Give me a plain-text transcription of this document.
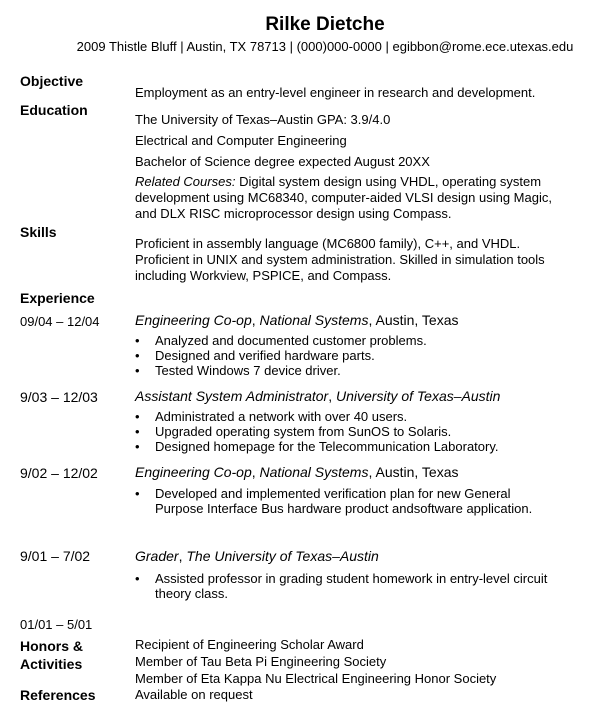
Rilke Dietche
2009 Thistle Bluff | Austin, TX 78713 | (000)000-0000 | egibbon@rome.ece.utexas.edu
Objective
Employment as an entry-level engineer in research and development.
Education
The University of Texas–Austin GPA: 3.9/4.0
Electrical and Computer Engineering
Bachelor of Science degree expected August 20XX
Related Courses: Digital system design using VHDL, operating system development using MC68340, computer-aided VLSI design using Magic, and DLX RISC microprocessor design using Compass.
Skills
Proficient in assembly language (MC6800 family), C++, and VHDL. Proficient in UNIX and system administration. Skilled in simulation tools including Workview, PSPICE, and Compass.
Experience
09/04 – 12/04	Engineering Co-op, National Systems, Austin, Texas
• Analyzed and documented customer problems.
• Designed and verified hardware parts.
• Tested Windows 7 device driver.
9/03 – 12/03	Assistant System Administrator, University of Texas–Austin
• Administrated a network with over 40 users.
• Upgraded operating system from SunOS to Solaris.
• Designed homepage for the Telecommunication Laboratory.
9/02 – 12/02	Engineering Co-op, National Systems, Austin, Texas
• Developed and implemented verification plan for new General Purpose Interface Bus hardware product andsoftware application.
9/01 – 7/02	Grader, The University of Texas–Austin
• Assisted professor in grading student homework in entry-level circuit theory class.
01/01 – 5/01
Honors &
Activities
Recipient of Engineering Scholar Award
Member of Tau Beta Pi Engineering Society
Member of Eta Kappa Nu Electrical Engineering Honor Society
References	Available on request
